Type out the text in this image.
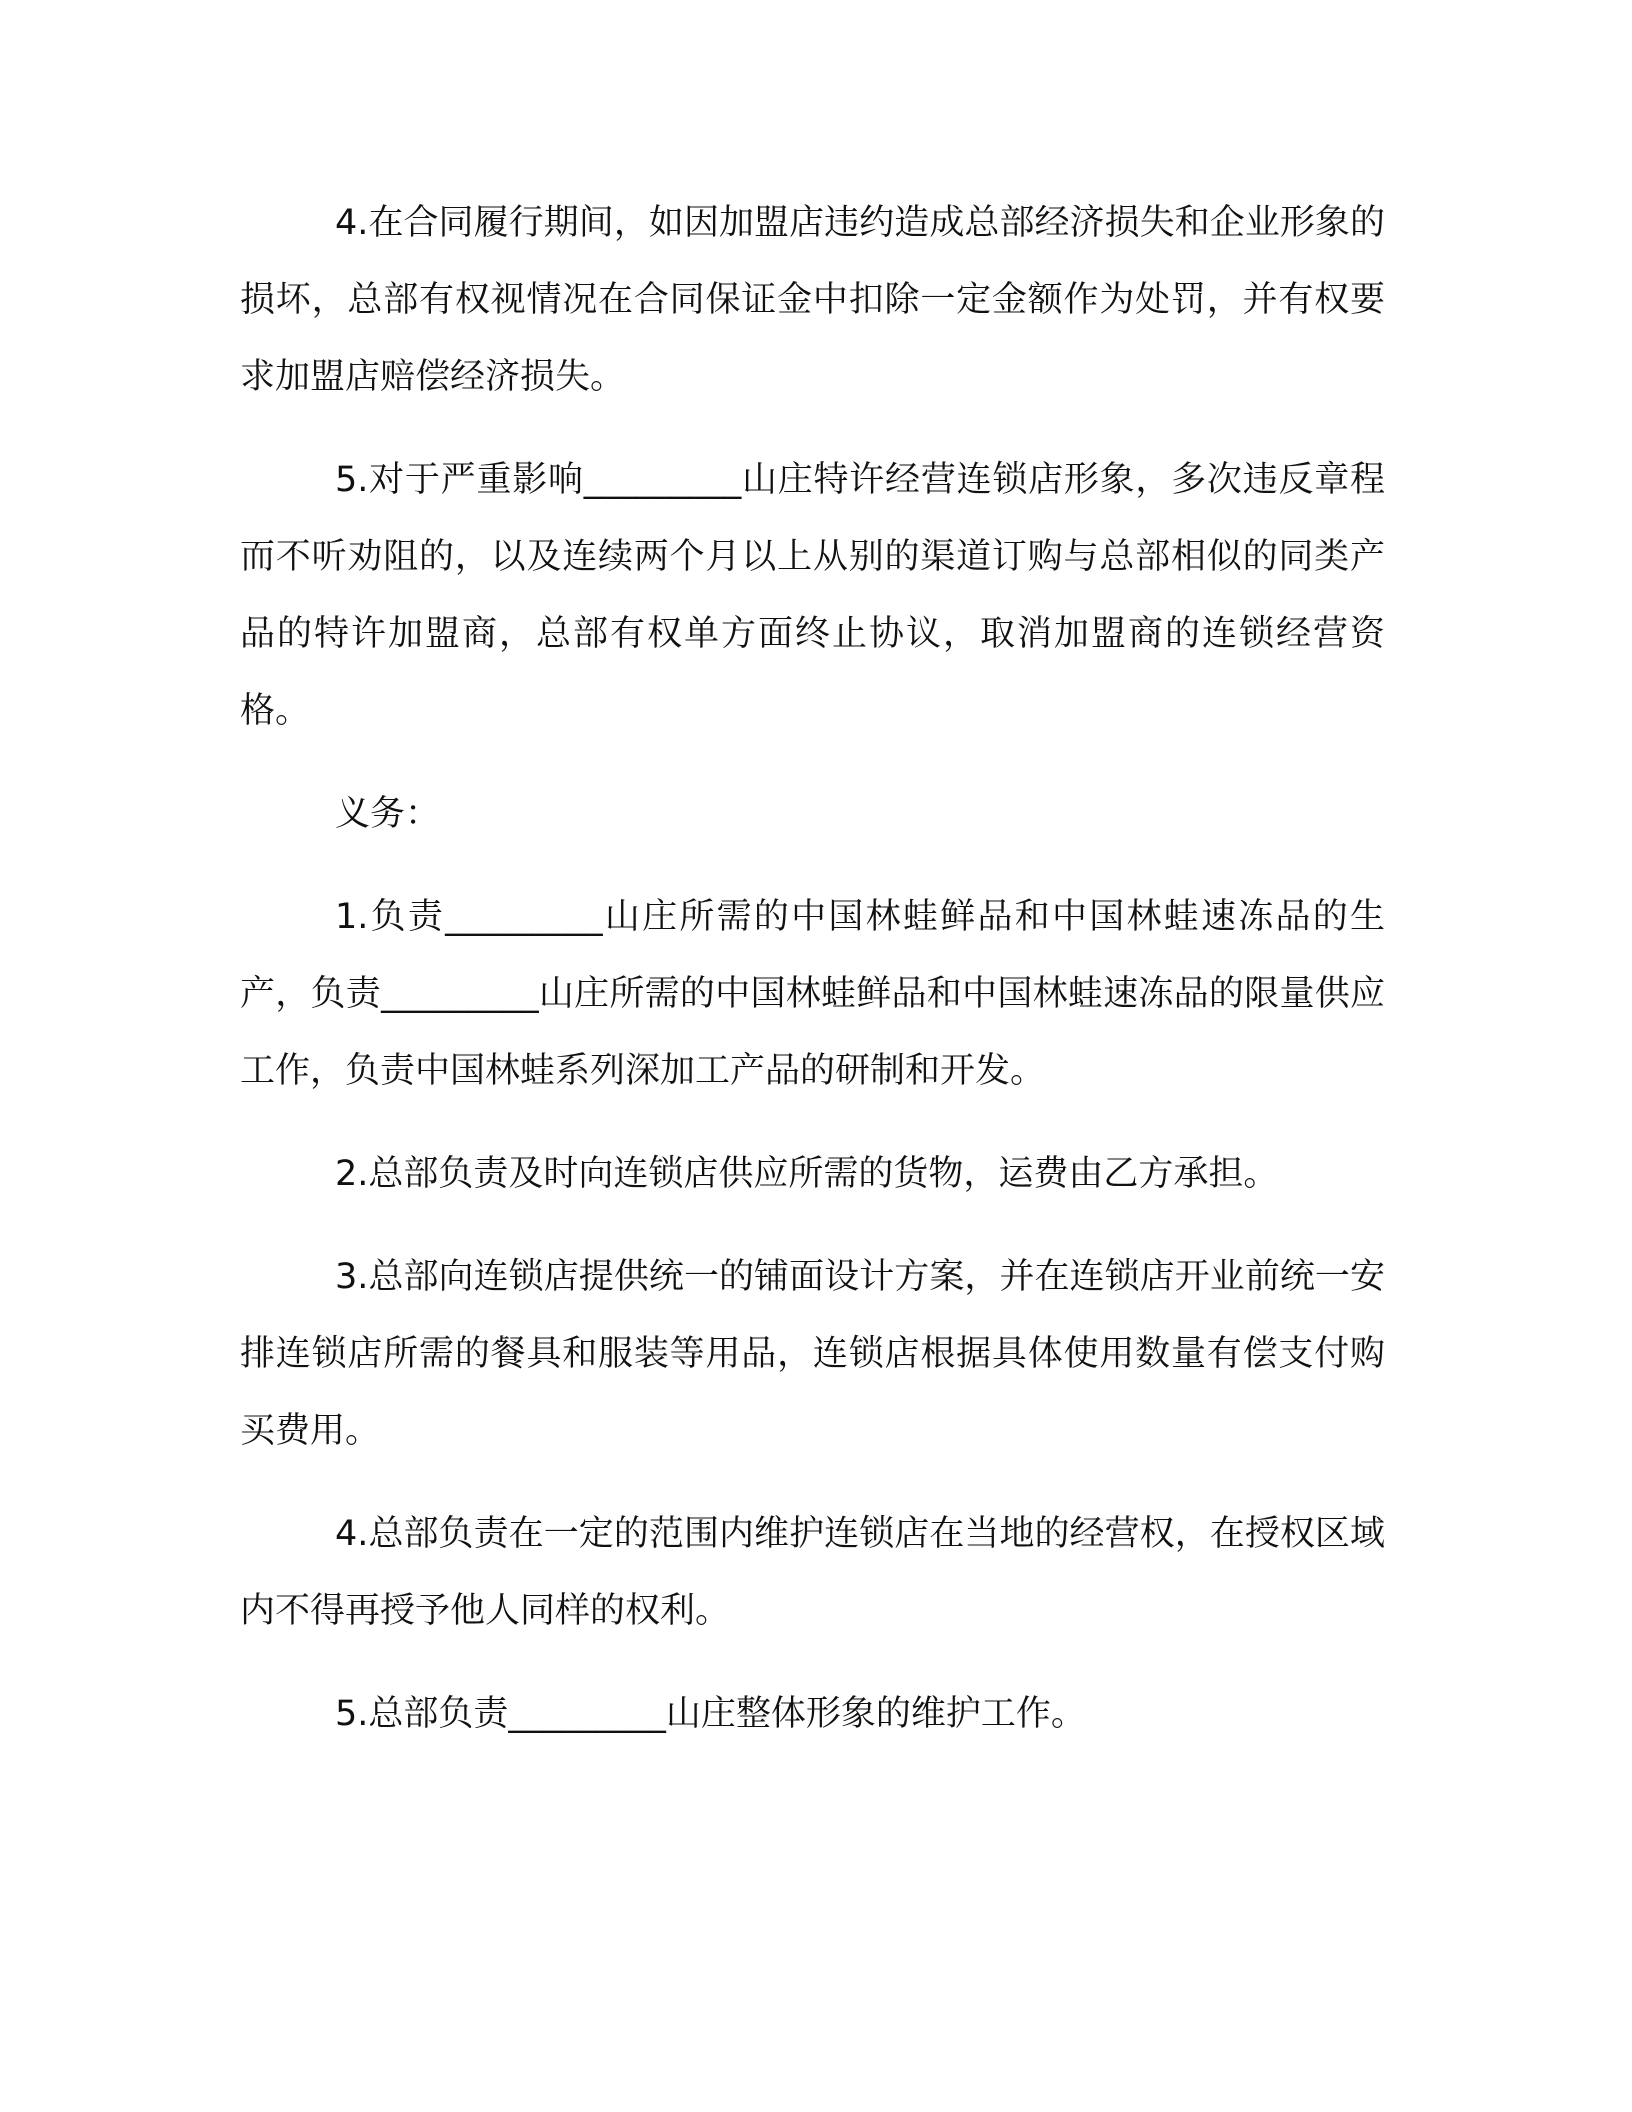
4.在合同履行期间，如因加盟店违约造成总部经济损失和企业形象的损坏，总部有权视情况在合同保证金中扣除一定金额作为处罚，并有权要求加盟店赔偿经济损失。

5.对于严重影响_________山庄特许经营连锁店形象，多次违反章程而不听劝阻的，以及连续两个月以上从别的渠道订购与总部相似的同类产品的特许加盟商，总部有权单方面终止协议，取消加盟商的连锁经营资格。

义务：

1.负责_________山庄所需的中国林蛙鲜品和中国林蛙速冻品的生产，负责_________山庄所需的中国林蛙鲜品和中国林蛙速冻品的限量供应工作，负责中国林蛙系列深加工产品的研制和开发。

2.总部负责及时向连锁店供应所需的货物，运费由乙方承担。

3.总部向连锁店提供统一的铺面设计方案，并在连锁店开业前统一安排连锁店所需的餐具和服装等用品，连锁店根据具体使用数量有偿支付购买费用。

4.总部负责在一定的范围内维护连锁店在当地的经营权，在授权区域内不得再授予他人同样的权利。

5.总部负责_________山庄整体形象的维护工作。
